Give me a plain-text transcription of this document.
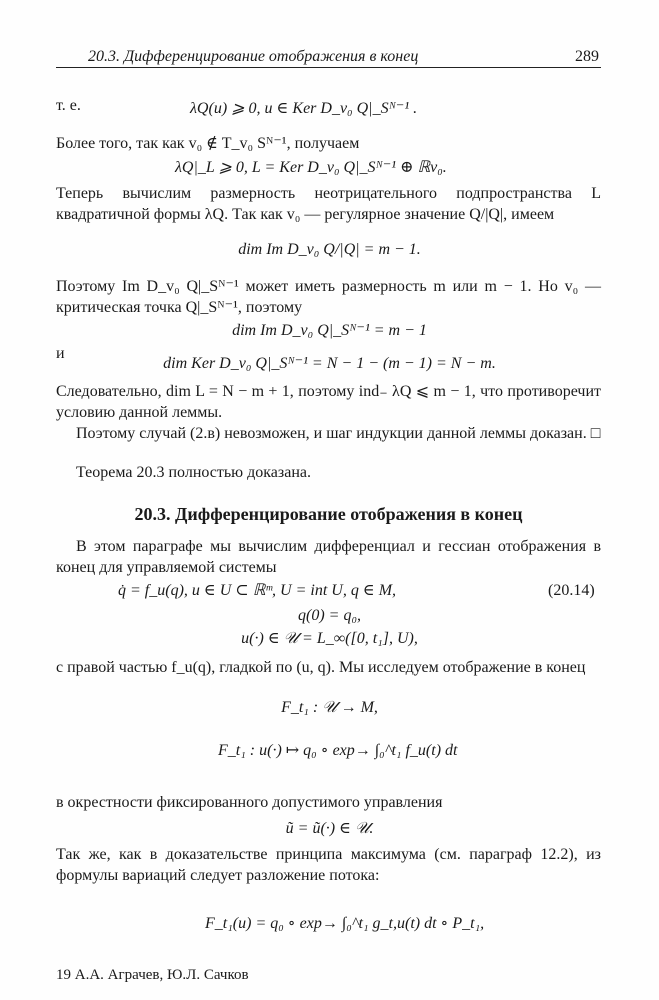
20.3. Дифференцирование отображения в конец	289
т. е.	λQ(u) ⩾ 0, u ∈ Ker D_v₀ Q|_Sᴺ⁻¹ .
Более того, так как v₀ ∉ T_v₀ Sᴺ⁻¹, получаем
λQ|_L ⩾ 0, L = Ker D_v₀ Q|_Sᴺ⁻¹ ⊕ ℝv₀.
Теперь вычислим размерность неотрицательного подпространства L квадратичной формы λQ. Так как v₀ — регулярное значение Q/|Q|, имеем
dim Im D_v₀ Q/|Q| = m − 1.
Поэтому Im D_v₀ Q|_Sᴺ⁻¹ может иметь размерность m или m − 1. Но v₀ — критическая точка Q|_Sᴺ⁻¹, поэтому
dim Im D_v₀ Q|_Sᴺ⁻¹ = m − 1
и
dim Ker D_v₀ Q|_Sᴺ⁻¹ = N − 1 − (m − 1) = N − m.
Следовательно, dim L = N − m + 1, поэтому ind₋ λQ ⩽ m − 1, что противоречит условию данной леммы.
Поэтому случай (2.в) невозможен, и шаг индукции данной леммы доказан. □
Теорема 20.3 полностью доказана.
20.3. Дифференцирование отображения в конец
В этом параграфе мы вычислим дифференциал и гессиан отображения в конец для управляемой системы
q̇ = f_u(q), u ∈ U ⊂ ℝᵐ, U = int U, q ∈ M,	(20.14)
q(0) = q₀,
u(·) ∈ 𝒰 = L_∞([0, t₁], U),
с правой частью f_u(q), гладкой по (u, q). Мы исследуем отображение в конец
F_t₁ : 𝒰 → M,
F_t₁ : u(·) ↦ q₀ ∘ exp→ ∫₀^t₁ f_u(t) dt
в окрестности фиксированного допустимого управления
ũ = ũ(·) ∈ 𝒰.
Так же, как в доказательстве принципа максимума (см. параграф 12.2), из формулы вариаций следует разложение потока:
F_t₁(u) = q₀ ∘ exp→ ∫₀^t₁ g_t,u(t) dt ∘ P_t₁,
19 А.А. Аграчев, Ю.Л. Сачков
